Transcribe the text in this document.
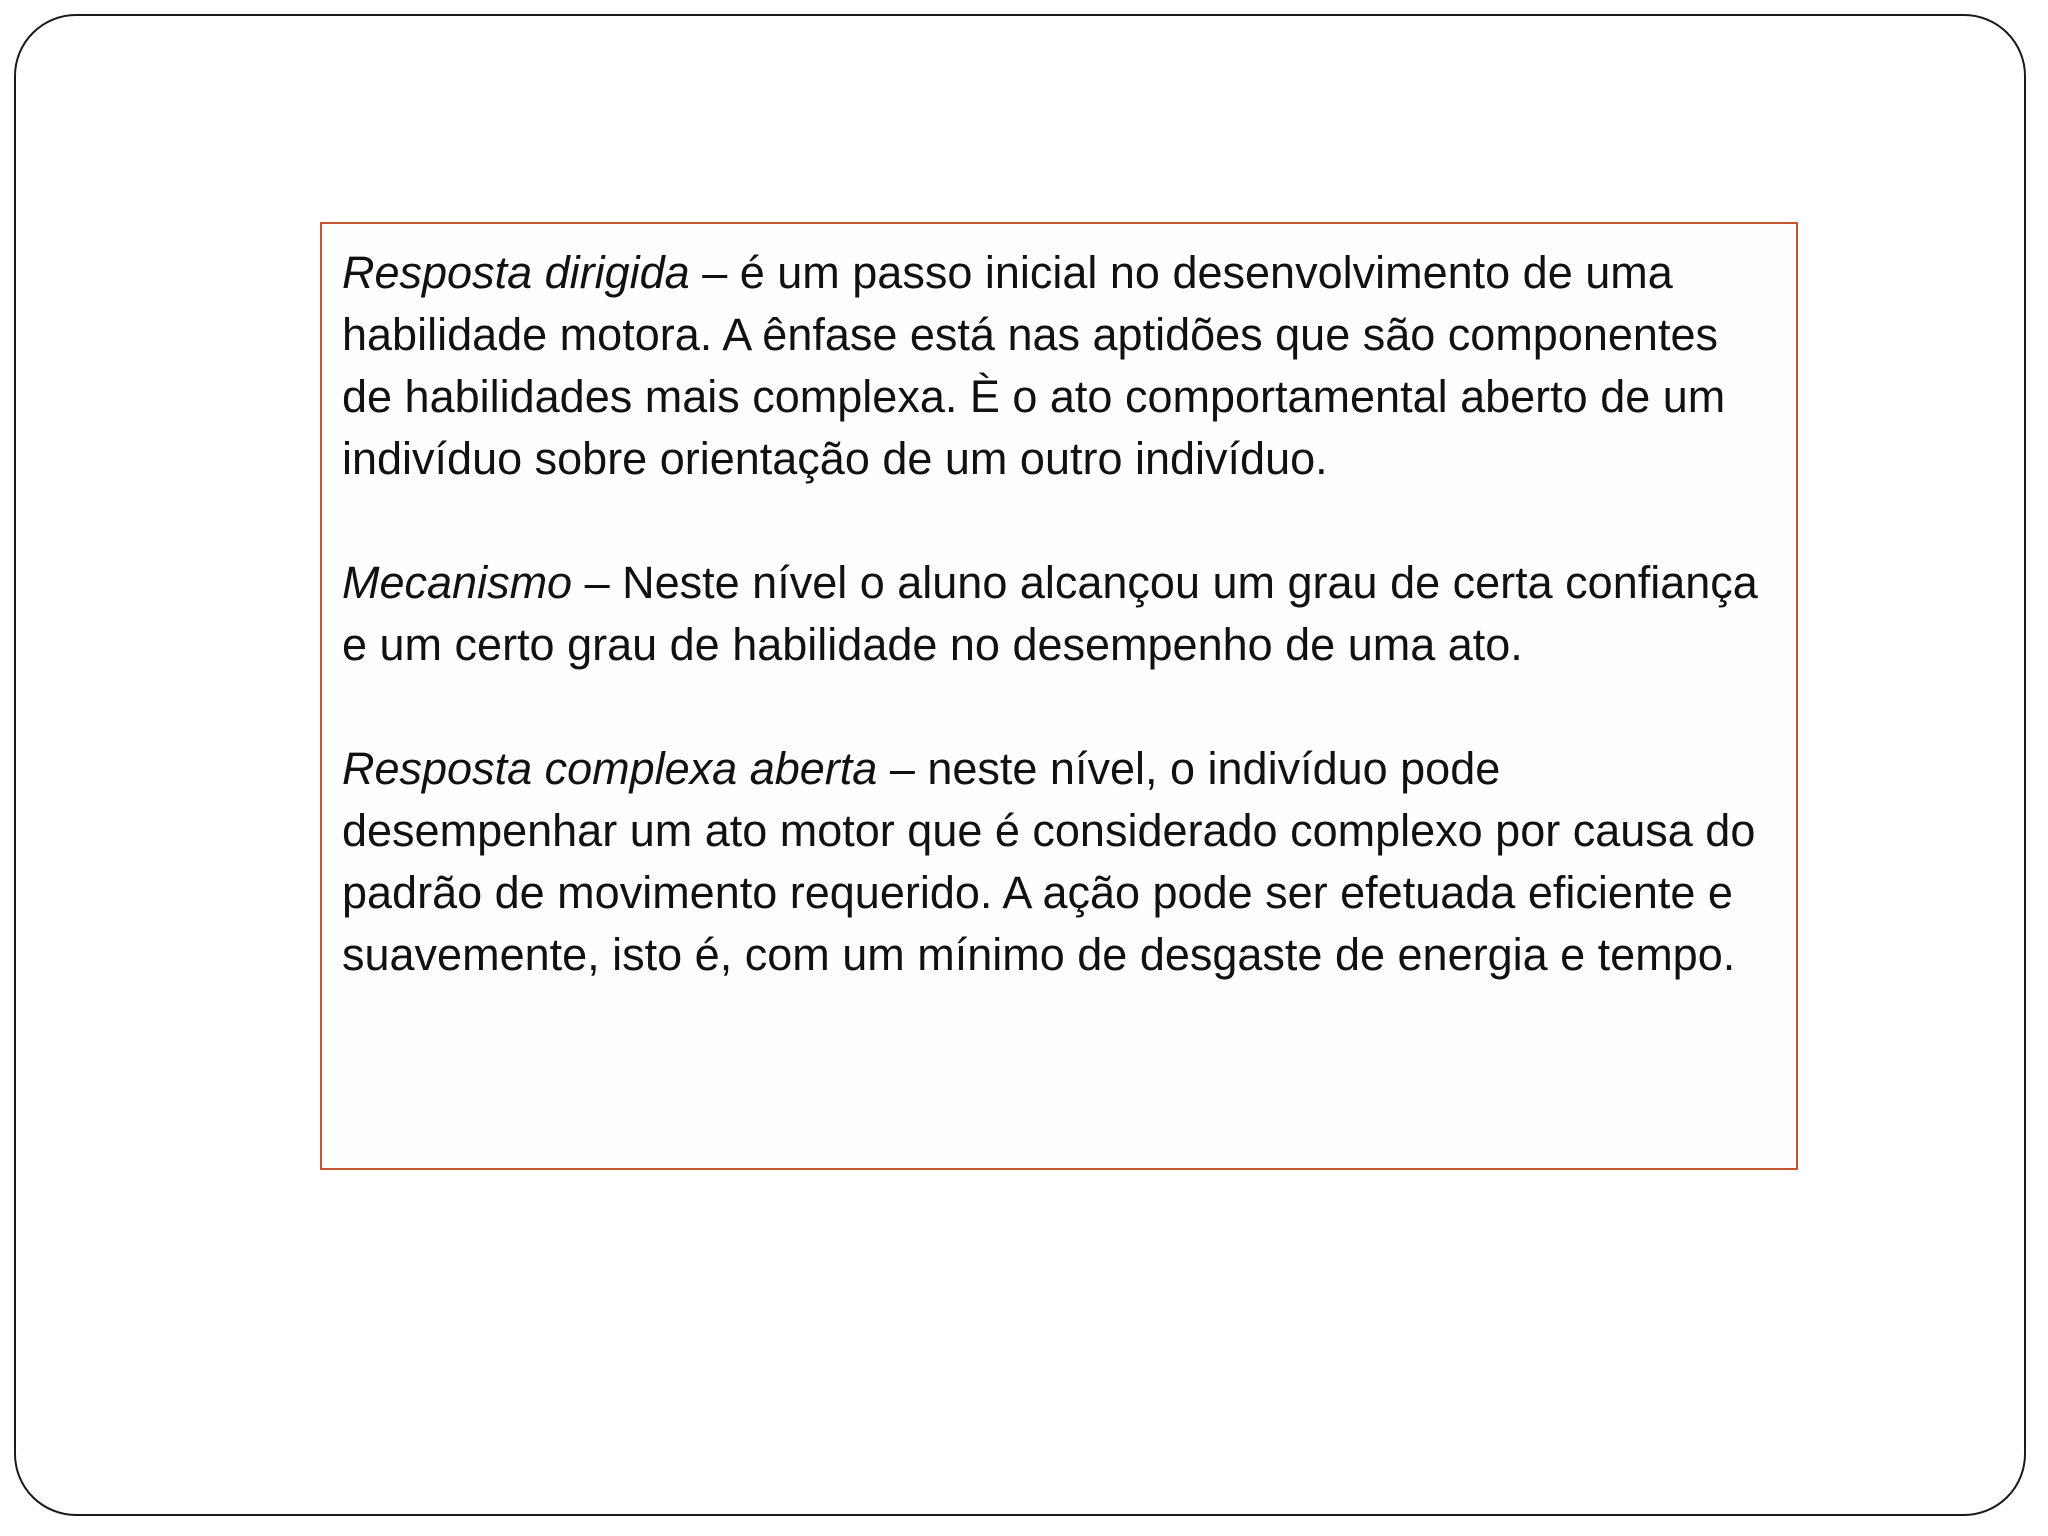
Resposta dirigida – é um passo inicial no desenvolvimento de uma habilidade motora. A ênfase está nas aptidões que são componentes de habilidades mais complexa. È o ato comportamental aberto de um indivíduo sobre orientação de um outro indivíduo.

Mecanismo – Neste nível o aluno alcançou um grau de certa confiança e um certo grau de habilidade no desempenho de uma ato.

Resposta complexa aberta – neste nível, o indivíduo pode desempenhar um ato motor que é considerado complexo por causa do padrão de movimento requerido. A ação pode ser efetuada eficiente e suavemente, isto é, com um mínimo de desgaste de energia e tempo.
